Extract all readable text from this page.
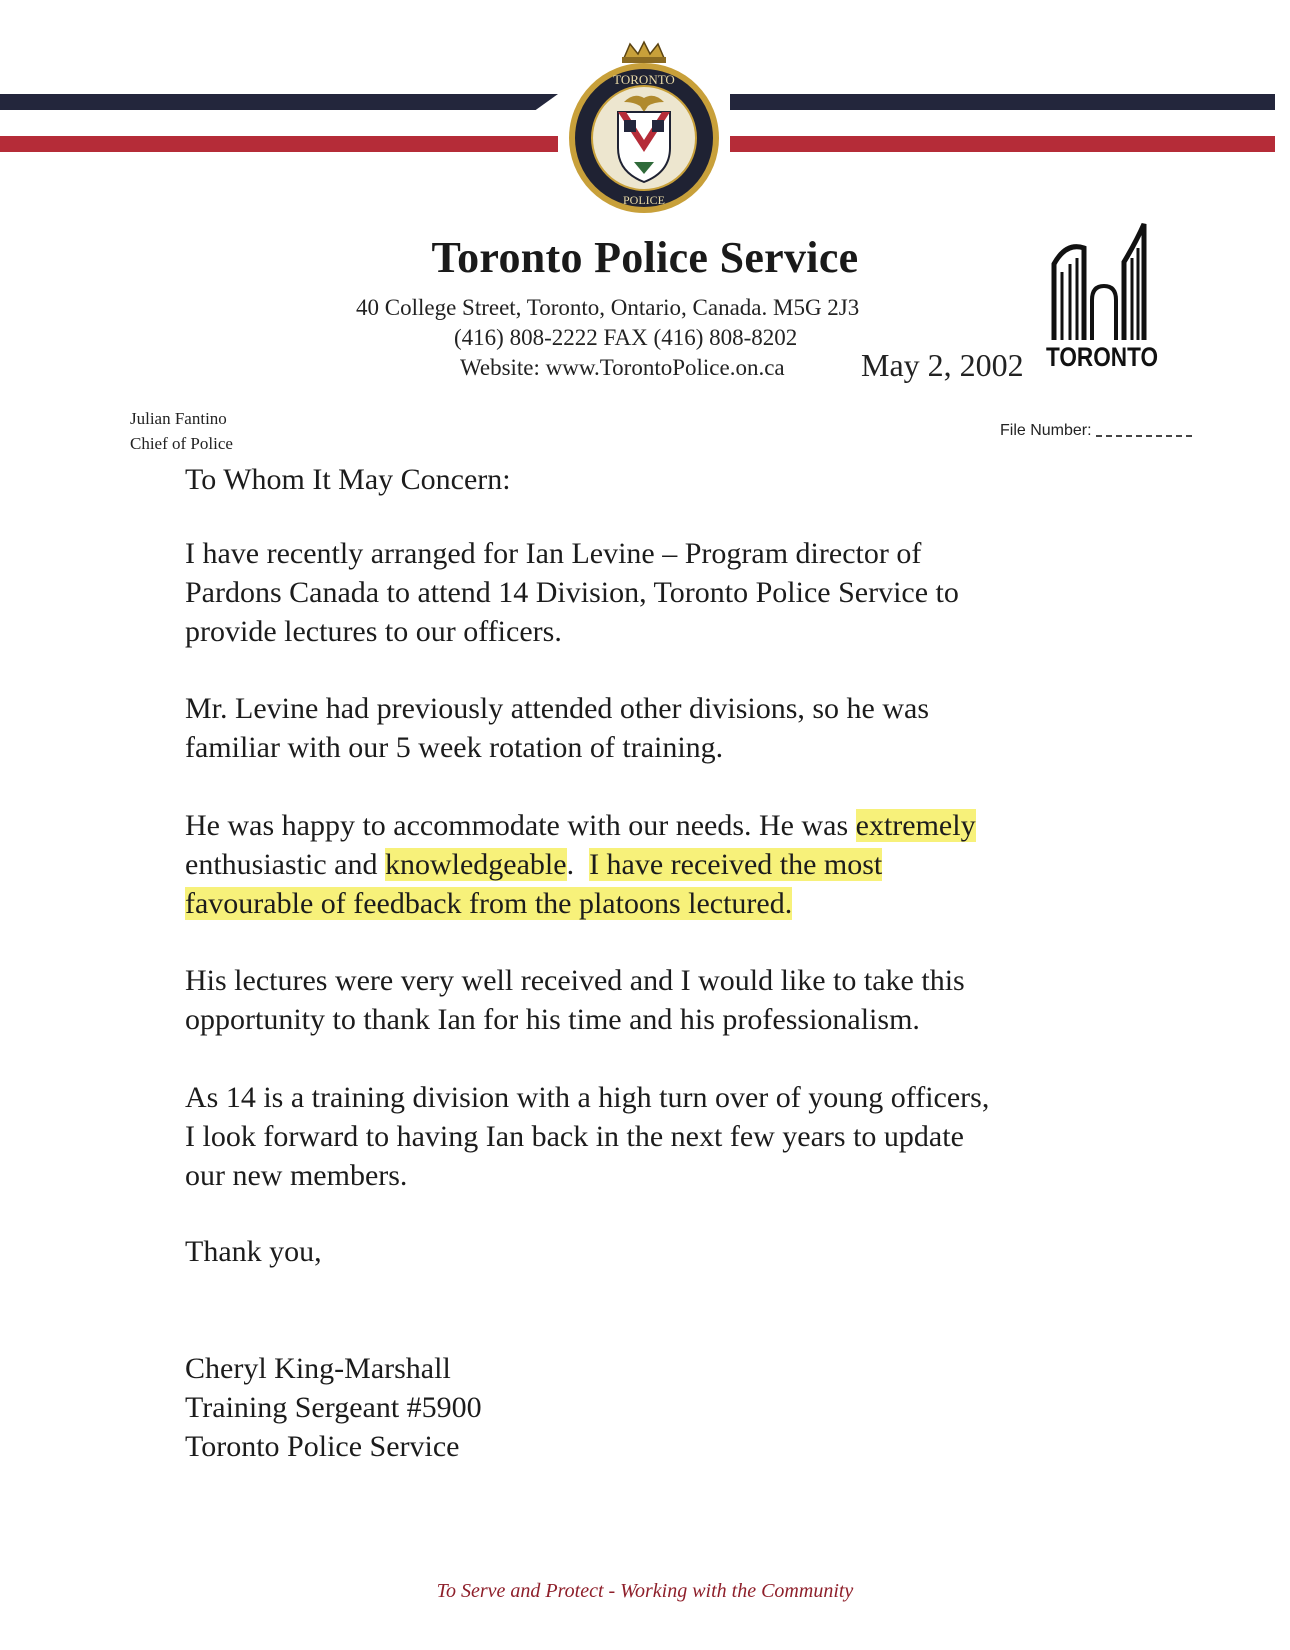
TORONTO
POLICE
Toronto Police Service
40 College Street, Toronto, Ontario, Canada. M5G 2J3
(416) 808-2222 FAX (416) 808-8202
Website: www.TorontoPolice.on.ca May 2, 2002 TORONTO
Julian Fantino
Chief of Police
File Number:
To Whom It May Concern:

I have recently arranged for Ian Levine – Program director of

Pardons Canada to attend 14 Division, Toronto Police Service to

provide lectures to our officers.

Mr. Levine had previously attended other divisions, so he was

familiar with our 5 week rotation of training.

He was happy to accommodate with our needs. He was extremely

enthusiastic and knowledgeable.  I have received the most

favourable of feedback from the platoons lectured.

His lectures were very well received and I would like to take this

opportunity to thank Ian for his time and his professionalism.

As 14 is a training division with a high turn over of young officers,

I look forward to having Ian back in the next few years to update

our new members.

Thank you,

Cheryl King-Marshall

Training Sergeant #5900

Toronto Police Service

To Serve and Protect - Working with the Community
